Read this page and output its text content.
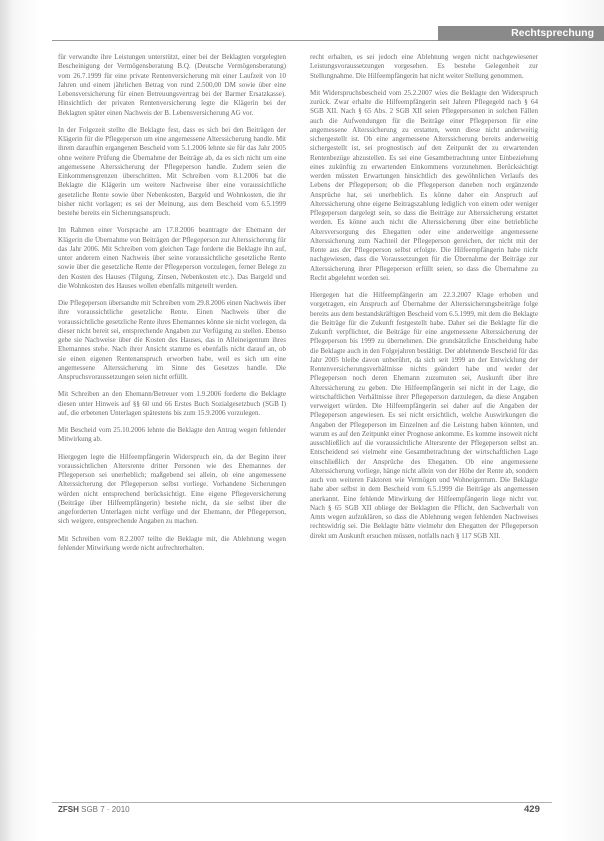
Rechtsprechung

für verwandte ihre Leistungen unterstützt, einer bei der Beklagten vorgelegten Bescheinigung der Vermögensberatung B.Q. (Deutsche Vermögensberatung) vom 26.7.1999 für eine private Rentenversicherung mit einer Laufzeit von 10 Jahren und einem jährlichen Betrag von rund 2.500,00 DM sowie über eine Lebensversicherung für einen Betreuungsvertrag bei der Barmer Ersatzkasse). Hinsichtlich der privaten Rentenversicherung legte die Klägerin bei der Beklagten später einen Nachweis der B. Lebensversicherung AG vor.

In der Folgezeit stellte die Beklagte fest, dass es sich bei den Beiträgen der Klägerin für die Pflegeperson um eine angemessene Alterssicherung handle. Mit ihrem daraufhin ergangenen Bescheid vom 5.1.2006 lehnte sie für das Jahr 2005 ohne weitere Prüfung die Übernahme der Beiträge ab, da es sich nicht um eine angemessene Alterssicherung der Pflegeperson handle. Zudem seien die Einkommensgrenzen überschritten. Mit Schreiben vom 8.1.2006 bat die Beklagte die Klägerin um weitere Nachweise über eine voraussichtliche gesetzliche Rente sowie über Nebenkosten, Bargeld und Wohnkosten, die ihr bisher nicht vorlagen; es sei der Meinung, aus dem Bescheid vom 6.5.1999 bestehe bereits ein Sicherungsanspruch.

Im Rahmen einer Vorsprache am 17.8.2006 beantragte der Ehemann der Klägerin die Übernahme von Beiträgen der Pflegeperson zur Alterssicherung für das Jahr 2006. Mit Schreiben vom gleichen Tage forderte die Beklagte ihn auf, unter anderem einen Nachweis über seine voraussichtliche gesetzliche Rente sowie über die gesetzliche Rente der Pflegeperson vorzulegen, ferner Belege zu den Kosten des Hauses (Tilgung, Zinsen, Nebenkosten etc.). Das Bargeld und die Wohnkosten des Hauses wollen ebenfalls mitgeteilt werden.

Die Pflegeperson übersandte mit Schreiben vom 29.8.2006 einen Nachweis über ihre voraussichtliche gesetzliche Rente. Einen Nachweis über die voraussichtliche gesetzliche Rente ihres Ehemannes könne sie nicht vorlegen, da dieser nicht bereit sei, entsprechende Angaben zur Verfügung zu stellen. Ebenso gebe sie Nachweise über die Kosten des Hauses, das in Alleineigentum ihres Ehemannes stehe. Nach ihrer Ansicht stamme es ebenfalls nicht darauf an, ob sie einen eigenen Rentenanspruch erworben habe, weil es sich um eine angemessene Alterssicherung im Sinne des Gesetzes handle. Die Anspruchsvoraussetzungen seien nicht erfüllt.

Mit Schreiben an den Ehemann/Betreuer vom 1.9.2006 forderte die Beklagte diesen unter Hinweis auf §§ 60 und 66 Erstes Buch Sozialgesetzbuch (SGB I) auf, die erbetenen Unterlagen spätestens bis zum 15.9.2006 vorzulegen.

Mit Bescheid vom 25.10.2006 lehnte die Beklagte den Antrag wegen fehlender Mitwirkung ab.

Hiergegen legte die Hilfeempfängerin Widerspruch ein, da der Beginn ihrer voraussichtlichen Altersrente dritter Personen wie des Ehemannes der Pflegeperson sei unerheblich; maßgebend sei allein, ob eine angemessene Alterssicherung der Pflegeperson selbst vorliege. Vorhandene Sicherungen würden nicht entsprechend berücksichtigt. Eine eigene Pflegeversicherung (Beiträge über Hilfeempfängerin) bestehe nicht, da sie selbst über die angeforderten Unterlagen nicht verfüge und der Ehemann, der Pflegeperson, sich weigere, entsprechende Angaben zu machen.

Mit Schreiben vom 8.2.2007 teilte die Beklagte mit, die Ablehnung wegen fehlender Mitwirkung werde nicht aufrechterhalten.

recht erhalten, es sei jedoch eine Ablehnung wegen nicht nachgewiesener Leistungsvoraussetzungen vorgesehen. Es bestehe Gelegenheit zur Stellungnahme. Die Hilfeempfängerin hat nicht weiter Stellung genommen.

Mit Widerspruchsbescheid vom 25.2.2007 wies die Beklagte den Widerspruch zurück. Zwar erhalte die Hilfeempfängerin seit Jahren Pflegegeld nach § 64 SGB XII. Nach § 65 Abs. 2 SGB XII seien Pflegepersonen in solchen Fällen auch die Aufwendungen für die Beiträge einer Pflegeperson für eine angemessene Alterssicherung zu erstatten, wenn diese nicht anderweitig sichergestellt ist. Ob eine angemessene Alterssicherung bereits anderweitig sichergestellt ist, sei prognostisch auf den Zeitpunkt der zu erwartenden Rentenbezüge abzustellen. Es sei eine Gesamtbetrachtung unter Einbeziehung eines zukünftig zu erwartenden Einkommens vorzunehmen. Berücksichtigt werden müssten Erwartungen hinsichtlich des gewöhnlichen Verlaufs des Lebens der Pflegeperson; ob die Pflegeperson daneben noch ergänzende Ansprüche hat, sei unerheblich. Es könne daher ein Anspruch auf Alterssicherung ohne eigene Beitragszahlung lediglich von einem oder weniger Pflegeperson dargelegt sein, so dass die Beiträge zur Alterssicherung erstattet werden. Es könne auch nicht die Alterssicherung über eine betriebliche Altersversorgung des Ehegatten oder eine anderweitige angemessene Alterssicherung zum Nachteil der Pflegeperson gereichen, der nicht mit der Rente aus der Pflegeperson selbst erfolgte. Die Hilfeempfängerin habe nicht nachgewiesen, dass die Voraussetzungen für die Übernahme der Beiträge zur Alterssicherung ihrer Pflegeperson erfüllt seien, so dass die Übernahme zu Recht abgelehnt worden sei.

Hiergegen hat die Hilfeempfängerin am 22.3.2007 Klage erhoben und vorgetragen, ein Anspruch auf Übernahme der Alterssicherungsbeiträge folge bereits aus dem bestandskräftigen Bescheid vom 6.5.1999, mit dem die Beklagte die Beiträge für die Zukunft festgestellt habe. Daher sei die Beklagte für die Zukunft verpflichtet, die Beiträge für eine angemessene Alterssicherung der Pflegeperson bis 1999 zu übernehmen. Die grundsätzliche Entscheidung habe die Beklagte auch in den Folgejahren bestätigt. Der ablehnende Bescheid für das Jahr 2005 bleibe davon unberührt, da sich seit 1999 an der Entwicklung der Rentenversicherungsverhältnisse nichts geändert habe und weder der Pflegeperson noch deren Ehemann zuzumuten sei, Auskunft über ihre Alterssicherung zu geben. Die Hilfeempfängerin sei nicht in der Lage, die wirtschaftlichen Verhältnisse ihrer Pflegeperson darzulegen, da diese Angaben verweigert würden. Die Hilfeempfängerin sei daher auf die Angaben der Pflegeperson angewiesen. Es sei nicht ersichtlich, welche Auswirkungen die Angaben der Pflegeperson im Einzelnen auf die Leistung haben könnten, und warum es auf den Zeitpunkt einer Prognose ankomme. Es komme insoweit nicht ausschließlich auf die voraussichtliche Altersrente der Pflegeperson selbst an. Entscheidend sei vielmehr eine Gesamtbetrachtung der wirtschaftlichen Lage einschließlich der Ansprüche des Ehegatten. Ob eine angemessene Alterssicherung vorliege, hänge nicht allein von der Höhe der Rente ab, sondern auch von weiteren Faktoren wie Vermögen und Wohneigentum. Die Beklagte habe aber selbst in dem Bescheid vom 6.5.1999 die Beiträge als angemessen anerkannt. Eine fehlende Mitwirkung der Hilfeempfängerin liege nicht vor. Nach § 65 SGB XII obliege der Beklagten die Pflicht, den Sachverhalt von Amts wegen aufzuklären, so dass die Ablehnung wegen fehlenden Nachweises rechtswidrig sei. Die Beklagte hätte vielmehr den Ehegatten der Pflegeperson direkt um Auskunft ersuchen müssen, notfalls nach § 117 SGB XII.

ZFSH SGB 7 · 2010	429
